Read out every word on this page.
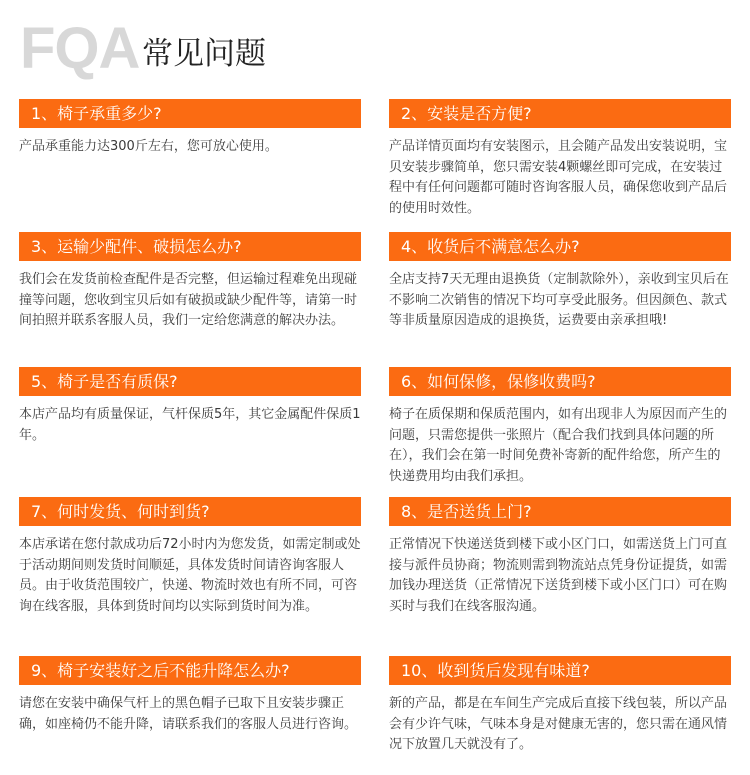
FQA 常见问题
1、椅子承重多少?
产品承重能力达300斤左右，您可放心使用。
2、安装是否方便?
产品详情页面均有安装图示，且会随产品发出安装说明，宝贝安装步骤简单，您只需安装4颗螺丝即可完成，在安装过程中有任何问题都可随时咨询客服人员，确保您收到产品后的使用时效性。
3、运输少配件、破损怎么办?
我们会在发货前检查配件是否完整，但运输过程难免出现碰撞等问题，您收到宝贝后如有破损或缺少配件等，请第一时间拍照并联系客服人员，我们一定给您满意的解决办法。
4、收货后不满意怎么办?
全店支持7天无理由退换货（定制款除外），亲收到宝贝后在不影响二次销售的情况下均可享受此服务。但因颜色、款式等非质量原因造成的退换货，运费要由亲承担哦!
5、椅子是否有质保?
本店产品均有质量保证，气杆保质5年，其它金属配件保质1年。
6、如何保修，保修收费吗?
椅子在质保期和保质范围内，如有出现非人为原因而产生的问题，只需您提供一张照片（配合我们找到具体问题的所在），我们会在第一时间免费补寄新的配件给您，所产生的快递费用均由我们承担。
7、何时发货、何时到货?
本店承诺在您付款成功后72小时内为您发货，如需定制或处于活动期间则发货时间顺延，具体发货时间请咨询客服人员。由于收货范围较广，快递、物流时效也有所不同，可咨询在线客服，具体到货时间均以实际到货时间为准。
8、是否送货上门?
正常情况下快递送货到楼下或小区门口，如需送货上门可直接与派件员协商；物流则需到物流站点凭身份证提货，如需加钱办理送货（正常情况下送货到楼下或小区门口）可在购买时与我们在线客服沟通。
9、椅子安装好之后不能升降怎么办?
请您在安装中确保气杆上的黑色帽子已取下且安装步骤正确，如座椅仍不能升降，请联系我们的客服人员进行咨询。
10、收到货后发现有味道?
新的产品，都是在车间生产完成后直接下线包装，所以产品会有少许气味，气味本身是对健康无害的，您只需在通风情况下放置几天就没有了。
